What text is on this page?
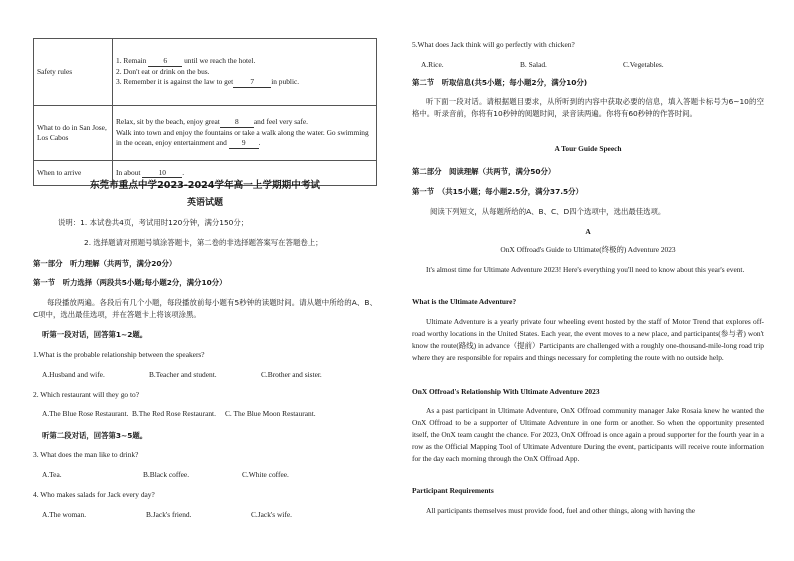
Safety rules	1. Remain 6 until we reach the hotel.

2. Don't eat or drink on the bus.

3. Remember it is against the law to get 7 in public.

What to do in San Jose, Los Cabos	Relax, sit by the beach, enjoy great 8 and feel very safe.

Walk into town and enjoy the fountains or take a walk along the water. Go swimming in the ocean, enjoy entertainment and 9 .

When to arrive	In about 10 .

东莞市重点中学2023-2024学年高一上学期期中考试
英语试题
说明：1. 本试卷共4页，考试用时120分钟，满分150分；
2. 选择题请对照题号填涂答题卡，第二卷的非选择题答案写在答题卷上；
第一部分　听力理解（共两节，满分20分）
第一节　听力选择（两段共5小题;每小题2分，满分10分）

每段播放两遍。各段后有几个小题，每段播放前每小题有5秒钟的读题时间。请从题中所给的A、B、C项中，选出最佳选项，并在答题卡上将该项涂黑。

听第一段对话，回答第1~2题。
1.What is the probable relationship between the speakers?
A.Husband and wife.	B.Teacher and student.	C.Brother and sister.
2. Which restaurant will they go to?
A.The Blue Rose Restaurant. B.The Red Rose Restaurant. C. The Blue Moon Restaurant.
听第二段对话，回答第3~5题。
3. What does the man like to drink?
A.Tea.	B.Black coffee.	C.White coffee.
4. Who makes salads for Jack every day?
A.The woman.	B.Jack's friend.	C.Jack's wife.
5.What does Jack think will go perfectly with chicken?
A.Rice.	B. Salad.	C.Vegetables.
第二节　听取信息(共5小题；每小题2分，满分10分)

听下面一段对话。请根据题目要求，从所听到的内容中获取必要的信息，填入答题卡标号为6~10的空格中。听录音前，你将有10秒钟的阅题时间，录音读两遍。你将有60秒钟的作答时间。

A Tour Guide Speech
第二部分　阅读理解（共两节，满分50分）
第一节　（共15小题；每小题2.5分，满分37.5分）
阅读下列短文，从每题所给的A、B、C、D四个选项中，选出最佳选项。
A
OnX Offroad's Guide to Ultimate(终极的) Adventure 2023

It's almost time for Ultimate Adventure 2023! Here's everything you'll need to know about this year's event.

What is the Ultimate Adventure?

Ultimate Adventure is a yearly private four wheeling event hosted by the staff of Motor Trend that explores off-road worthy locations in the United States. Each year, the event moves to a new place, and participants(参与者) won't know the route(路线) in advance（提前）Participants are challenged with a roughly one-thousand-mile-long road trip where they are responsible for repairs and things necessary for completing the route with no outside help.

OnX Offroad's Relationship With Ultimate Adventure 2023

As a past participant in Ultimate Adventure, OnX Offroad community manager Jake Rosaia knew he wanted the OnX Offroad to be a supporter of Ultimate Adventure in one form or another. So when the opportunity presented itself, the OnX team caught the chance. For 2023, OnX Offroad is once again a proud supporter for the fourth year in a row as the Official Mapping Tool of Ultimate Adventure During the event, participants will receive route information for the day each morning through the OnX Offroad App.

Participant Requirements

All participants themselves must provide food, fuel and other things, along with having the
